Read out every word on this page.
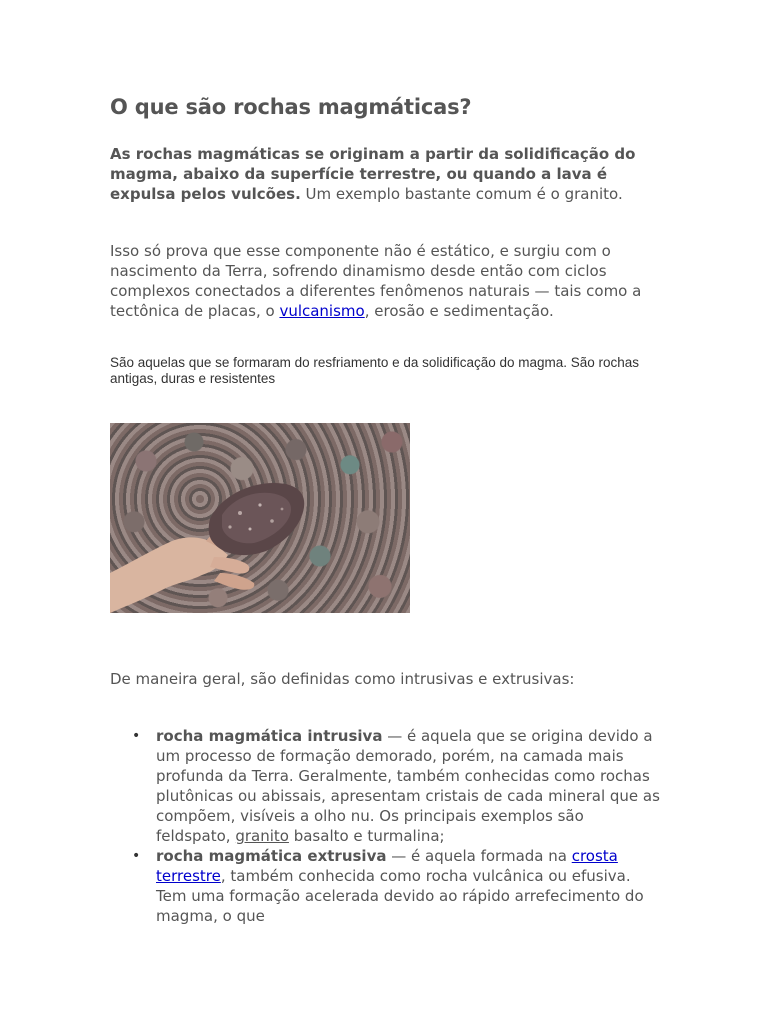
O que são rochas magmáticas?

As rochas magmáticas se originam a partir da solidificação do magma, abaixo da superfície terrestre, ou quando a lava é expulsa pelos vulcões. Um exemplo bastante comum é o granito.

Isso só prova que esse componente não é estático, e surgiu com o nascimento da Terra, sofrendo dinamismo desde então com ciclos complexos conectados a diferentes fenômenos naturais — tais como a tectônica de placas, o vulcanismo, erosão e sedimentação.

São aquelas que se formaram do resfriamento e da solidificação do magma. São rochas antigas, duras e resistentes

De maneira geral, são definidas como intrusivas e extrusivas:

• rocha magmática intrusiva — é aquela que se origina devido a um processo de formação demorado, porém, na camada mais profunda da Terra. Geralmente, também conhecidas como rochas plutônicas ou abissais, apresentam cristais de cada mineral que as compõem, visíveis a olho nu. Os principais exemplos são feldspato, granito basalto e turmalina;
• rocha magmática extrusiva — é aquela formada na crosta terrestre, também conhecida como rocha vulcânica ou efusiva. Tem uma formação acelerada devido ao rápido arrefecimento do magma, o que
